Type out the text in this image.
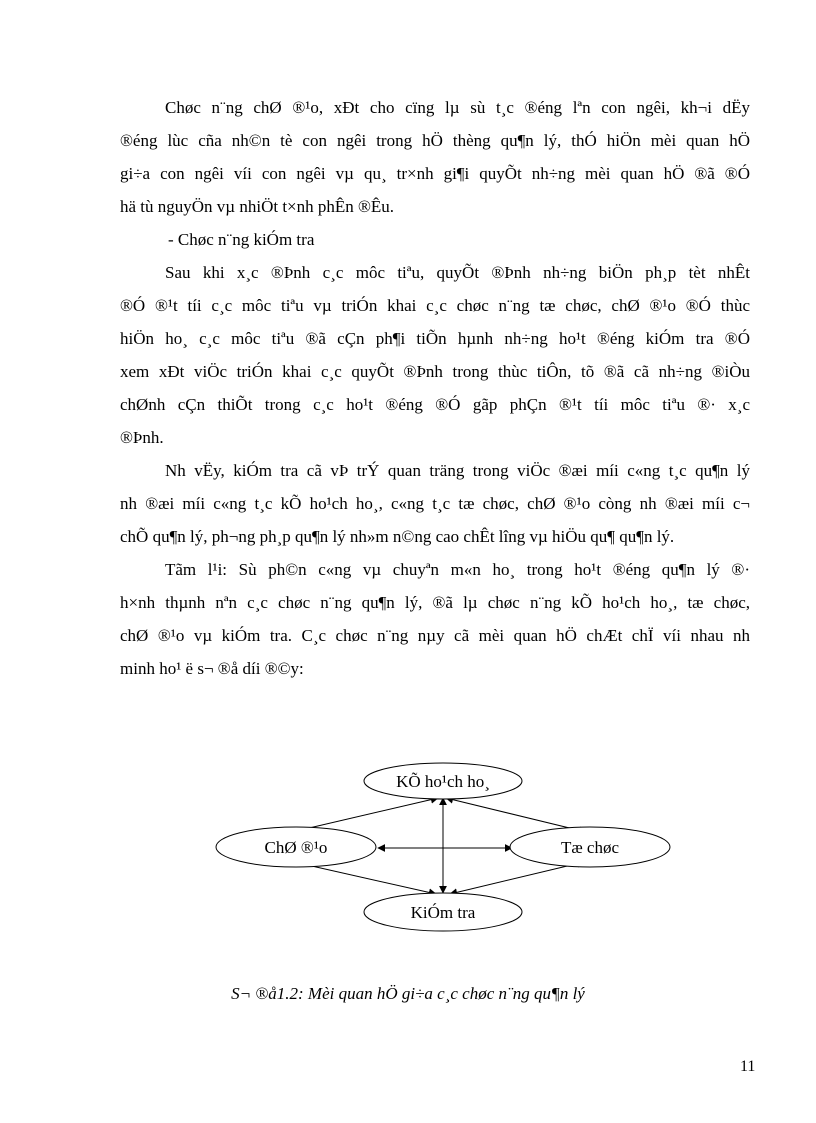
Chøc n¨ng chØ ®¹o, xÐt cho cïng lµ sù t¸c ®éng lªn con ngêi, kh¬i dËy
®éng lùc cña nh©n tè con ngêi trong hÖ thèng qu¶n lý, thÓ hiÖn mèi quan hÖ
gi÷a con ngêi víi con ngêi vµ qu¸ tr×nh gi¶i quyÕt nh÷ng mèi quan hÖ ®ã ®Ó
hä tù nguyÖn vµ nhiÖt t×nh phÊn ®Êu.
- Chøc n¨ng kiÓm tra
Sau khi x¸c ®Þnh c¸c môc tiªu, quyÕt ®Þnh nh÷ng biÖn ph¸p tèt nhÊt
®Ó ®¹t tíi c¸c môc tiªu vµ triÓn khai c¸c chøc n¨ng tæ chøc, chØ ®¹o ®Ó thùc
hiÖn ho¸ c¸c môc tiªu ®ã cÇn ph¶i tiÕn hµnh nh÷ng ho¹t ®éng kiÓm tra ®Ó
xem xÐt viÖc triÓn khai c¸c quyÕt ®Þnh trong thùc tiÔn, tõ ®ã cã nh÷ng ®iÒu
chØnh cÇn thiÕt trong c¸c ho¹t ®éng ®Ó gãp phÇn ®¹t tíi môc tiªu ®· x¸c
®Þnh.
Nh vËy, kiÓm tra cã vÞ trÝ quan träng trong viÖc ®æi míi c«ng t¸c qu¶n lý
nh ®æi míi c«ng t¸c kÕ ho¹ch ho¸, c«ng t¸c tæ chøc, chØ ®¹o còng nh ®æi míi c¬
chÕ qu¶n lý, ph¬ng ph¸p qu¶n lý nh»m n©ng cao chÊt lîng vµ hiÖu qu¶ qu¶n lý.
Tãm l¹i: Sù ph©n c«ng vµ chuyªn m«n ho¸ trong ho¹t ®éng qu¶n lý ®·
h×nh thµnh nªn c¸c chøc n¨ng qu¶n lý, ®ã lµ chøc n¨ng kÕ ho¹ch ho¸, tæ chøc,
chØ ®¹o vµ kiÓm tra. C¸c chøc n¨ng nµy cã mèi quan hÖ chÆt chÏ víi nhau nh
minh ho¹ ë s¬ ®å díi ®©y:
KÕ ho¹ch ho¸
ChØ ®¹o	Tæ chøc
KiÓm tra
S¬ ®å1.2: Mèi quan hÖ gi÷a c¸c chøc n¨ng qu¶n lý
11
